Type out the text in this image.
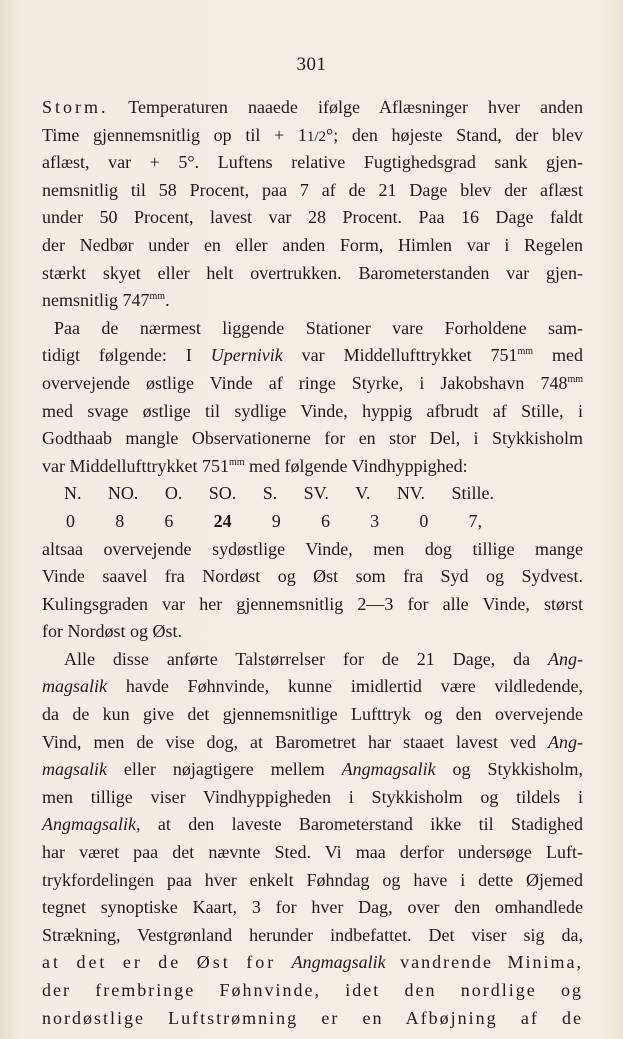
301
Storm. Temperaturen naaede ifølge Aflæsninger hver anden
Time gjennemsnitlig op til + 11/2°; den højeste Stand, der blev
aflæst, var + 5°. Luftens relative Fugtighedsgrad sank gjen-
nemsnitlig til 58 Procent, paa 7 af de 21 Dage blev der aflæst
under 50 Procent, lavest var 28 Procent. Paa 16 Dage faldt
der Nedbør under en eller anden Form, Himlen var i Regelen
stærkt skyet eller helt overtrukken. Barometerstanden var gjen-
nemsnitlig $747^{mm}$.
Paa de nærmest liggende Stationer vare Forholdene sam-
tidigt følgende: I Upernivik var Middellufttrykket $751^{mm}$ med
overvejende østlige Vinde af ringe Styrke, i Jakobshavn $748^{mm}$
med svage østlige til sydlige Vinde, hyppig afbrudt af Stille, i
Godthaab mangle Observationerne for en stor Del, i Stykkisholm
var Middellufttrykket $751^{mm}$ med følgende Vindhyppighed:
N. NO. O. SO. S. SV. V. NV. Stille.
0 8 6 24 9 6 3 0 7,
altsaa overvejende sydøstlige Vinde, men dog tillige mange
Vinde saavel fra Nordøst og Øst som fra Syd og Sydvest.
Kulingsgraden var her gjennemsnitlig 2—3 for alle Vinde, størst
for Nordøst og Øst.
Alle disse anførte Talstørrelser for de 21 Dage, da Ang-
magsalik havde Føhnvinde, kunne imidlertid være vildledende,
da de kun give det gjennemsnitlige Lufttryk og den overvejende
Vind, men de vise dog, at Barometret har staaet lavest ved Ang-
magsalik eller nøjagtigere mellem Angmagsalik og Stykkisholm,
men tillige viser Vindhyppigheden i Stykkisholm og tildels i
Angmagsalik, at den laveste Barometerstand ikke til Stadighed
har været paa det nævnte Sted. Vi maa derfor undersøge Luft-
trykfordelingen paa hver enkelt Føhndag og have i dette Øjemed
tegnet synoptiske Kaart, 3 for hver Dag, over den omhandlede
Strækning, Vestgrønland herunder indbefattet. Det viser sig da,
at det er de Øst for Angmagsalik vandrende Minima,
der frembringe Føhnvinde, idet den nordlige og
nordøstlige Luftstrømning er en Afbøjning af de
